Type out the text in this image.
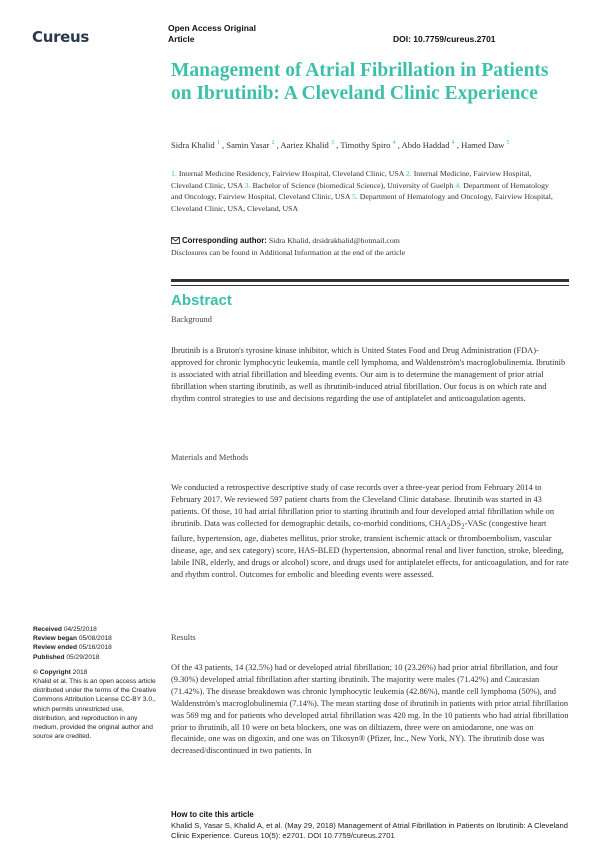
Cureus	Open Access Original
Article	DOI: 10.7759/cureus.2701
Management of Atrial Fibrillation in Patients on Ibrutinib: A Cleveland Clinic Experience
Sidra Khalid $^1$ , Samin Yasar $^2$ , Aariez Khalid $^3$ , Timothy Spiro $^4$ , Abdo Haddad $^4$ , Hamed Daw $^5$
1. Internal Medicine Residency, Fairview Hospital, Cleveland Clinic, USA 2. Internal Medicine, Fairview Hospital, Cleveland Clinic, USA 3. Bachelor of Science (biomedical Science), University of Guelph 4. Department of Hematology and Oncology, Fairview Hospital, Cleveland Clinic, USA 5. Department of Hematology and Oncology, Fairview Hospital, Cleveland Clinic, USA, Cleveland, USA
Corresponding author: Sidra Khalid, drsidrakhalid@hotmail.com
Disclosures can be found in Additional Information at the end of the article
Abstract
Background
Ibrutinib is a Bruton's tyrosine kinase inhibitor, which is United States Food and Drug Administration (FDA)-approved for chronic lymphocytic leukemia, mantle cell lymphoma, and Waldenström's macroglobulinemia. Ibrutinib is associated with atrial fibrillation and bleeding events. Our aim is to determine the management of prior atrial fibrillation when starting ibrutinib, as well as ibrutinib-induced atrial fibrillation. Our focus is on which rate and rhythm control strategies to use and decisions regarding the use of antiplatelet and anticoagulation agents.
Materials and Methods
We conducted a retrospective descriptive study of case records over a three-year period from February 2014 to February 2017. We reviewed 597 patient charts from the Cleveland Clinic database. Ibrutinib was started in 43 patients. Of those, 10 had atrial fibrillation prior to starting ibrutinib and four developed atrial fibrillation while on ibrutinib. Data was collected for demographic details, co-morbid conditions, $CHA_2DS_2$-VASc (congestive heart failure, hypertension, age, diabetes mellitus, prior stroke, transient ischemic attack or thromboembolism, vascular disease, age, and sex category) score, HAS-BLED (hypertension, abnormal renal and liver function, stroke, bleeding, labile INR, elderly, and drugs or alcohol) score, and drugs used for antiplatelet effects, for anticoagulation, and for rate and rhythm control. Outcomes for embolic and bleeding events were assessed.
Results
Of the 43 patients, 14 (32.5%) had or developed atrial fibrillation; 10 (23.26%) had prior atrial fibrillation, and four (9.30%) developed atrial fibrillation after starting ibrutinib. The majority were males (71.42%) and Caucasian (71.42%). The disease breakdown was chronic lymphocytic leukemia (42.86%), mantle cell lymphoma (50%), and Waldenström's macroglobulinemia (7.14%). The mean starting dose of ibrutinib in patients with prior atrial fibrillation was 569 mg and for patients who developed atrial fibrillation was 420 mg. In the 10 patients who had atrial fibrillation prior to ibrutinib, all 10 were on beta blockers, one was on diltiazem, three were on amiodarone, one was on flecainide, one was on digoxin, and one was on Tikosyn® (Pfizer, Inc., New York, NY). The ibrutinib dose was decreased/discontinued in two patients. In
Received 04/25/2018
Review began 05/08/2018
Review ended 05/16/2018
Published 05/29/2018
© Copyright 2018
Khalid et al. This is an open access article distributed under the terms of the Creative Commons Attribution License CC-BY 3.0., which permits unrestricted use, distribution, and reproduction in any medium, provided the original author and source are credited.
How to cite this article
Khalid S, Yasar S, Khalid A, et al. (May 29, 2018) Management of Atrial Fibrillation in Patients on Ibrutinib: A Cleveland Clinic Experience. Cureus 10(5): e2701. DOI 10.7759/cureus.2701
